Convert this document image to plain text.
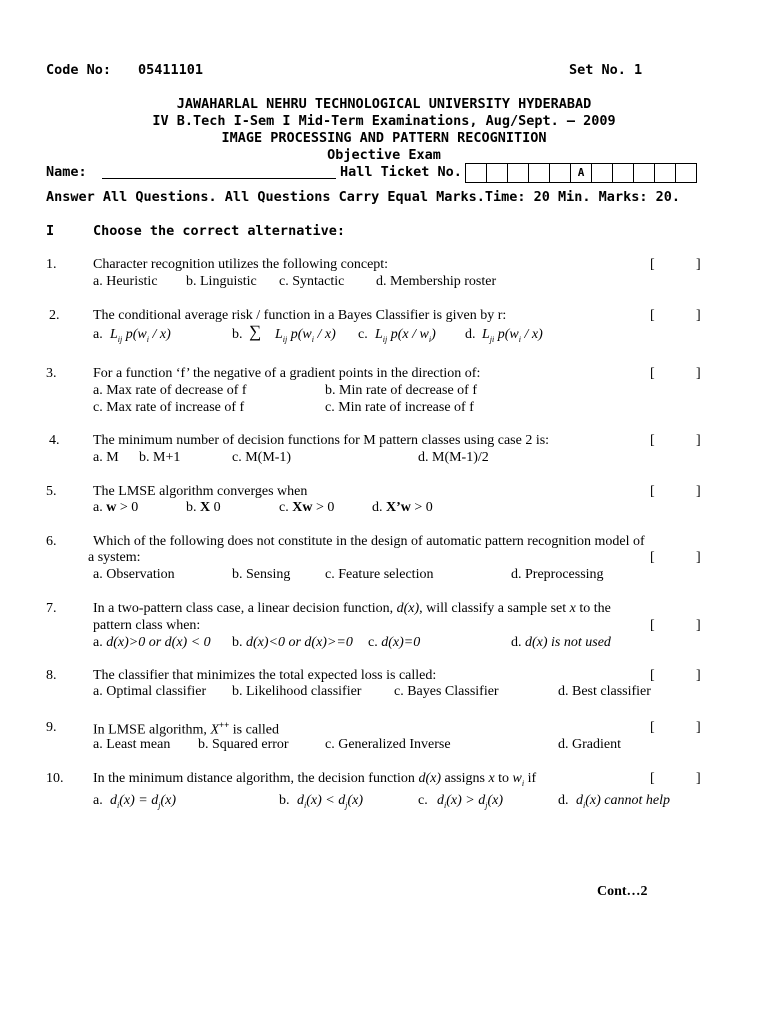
Code No: 05411101	Set No. 1
JAWAHARLAL NEHRU TECHNOLOGICAL UNIVERSITY HYDERABAD
IV B.Tech I-Sem I Mid-Term Examinations, Aug/Sept. – 2009
IMAGE PROCESSING AND PATTERN RECOGNITION
Objective Exam
Name:	Hall Ticket No.	A
Answer All Questions. All Questions Carry Equal Marks.Time: 20 Min. Marks: 20.
I	Choose the correct alternative:
1.	Character recognition utilizes the following concept:	[	]
a. Heuristic b. Linguistic c. Syntactic d. Membership roster
2. The conditional average risk / function in a Bayes Classifier is given by r:	[	]
a. $L_{ij}$ $p(w_i / x)$	b. ∑ $L_{ij}$ $p(w_i / x)$ c. $L_{ij}$ $p(x / w_i)$ d. $L_{ji}$ $p(w_i / x)$
3.	For a function ‘f’ the negative of a gradient points in the direction of:	[	]
a. Max rate of decrease of f	b. Min rate of decrease of f
c. Max rate of increase of f	c. Min rate of increase of f
4. The minimum number of decision functions for M pattern classes using case 2 is:	[	]
a. M b. M+1	c. M(M-1)	d. M(M-1)/2
5.	The LMSE algorithm converges when	[	]
a. w > 0	b. X 0	c. Xw > 0	d. X’w > 0
6.	Which of the following does not constitute in the design of automatic pattern recognition model of
a system:	[	]
a. Observation	b. Sensing c. Feature selection	d. Preprocessing
7.	In a two-pattern class case, a linear decision function, d(x), will classify a sample set x to the
pattern class when:	[	]
a. d(x)>0 or d(x) < 0 b. d(x)<0 or d(x)>=0 c. d(x)=0	d. d(x) is not used
8.	The classifier that minimizes the total expected loss is called:	[	]
a. Optimal classifier b. Likelihood classifier c. Bayes Classifier	d. Best classifier
9.	In LMSE algorithm, X++ is called	[	]
a. Least mean b. Squared error	c. Generalized Inverse	d. Gradient
10. In the minimum distance algorithm, the decision function d(x) assigns x to $w_i$ if	[	]
a. $d_i(x) = d_j(x)$	b. $d_i(x) < d_j(x)$	c. $d_i(x) > d_j(x)$	d. $d_i(x)$ cannot help
Cont…2
